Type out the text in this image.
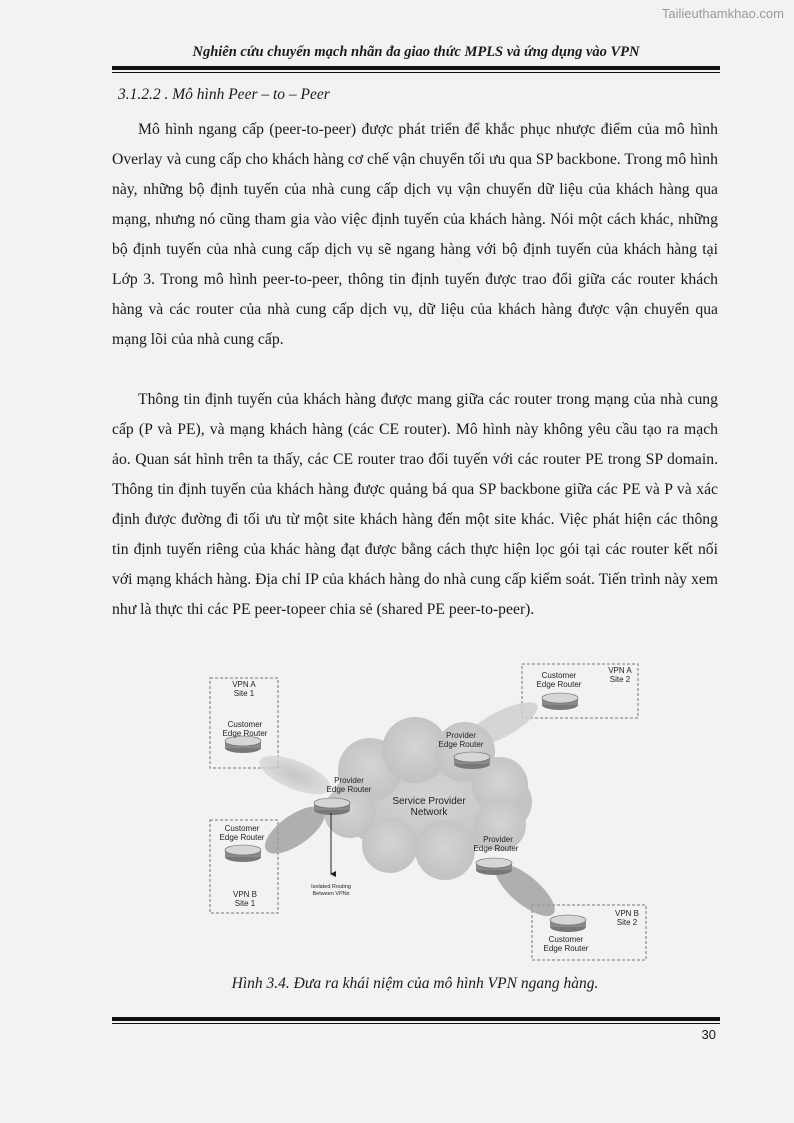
Tailieuthamkhao.com
Nghiên cứu chuyển mạch nhãn đa giao thức MPLS và ứng dụng vào VPN
3.1.2.2 . Mô hình Peer – to – Peer

Mô hình ngang cấp (peer-to-peer) được phát triển để khắc phục nhược điểm của mô hình Overlay và cung cấp cho khách hàng cơ chế vận chuyển tối ưu qua SP backbone. Trong mô hình này, những bộ định tuyến của nhà cung cấp dịch vụ vận chuyển dữ liệu của khách hàng qua mạng, nhưng nó cũng tham gia vào việc định tuyến của khách hàng. Nói một cách khác, những bộ định tuyến của nhà cung cấp dịch vụ sẽ ngang hàng với bộ định tuyến của khách hàng tại Lớp 3. Trong mô hình peer-to-peer, thông tin định tuyến được trao đổi giữa các router khách hàng và các router của nhà cung cấp dịch vụ, dữ liệu của khách hàng được vận chuyển qua mạng lõi của nhà cung cấp.

Thông tin định tuyến của khách hàng được mang giữa các router trong mạng của nhà cung cấp (P và PE), và mạng khách hàng (các CE router). Mô hình này không yêu cầu tạo ra mạch ảo. Quan sát hình trên ta thấy, các CE router trao đổi tuyến với các router PE trong SP domain. Thông tin định tuyến của khách hàng được quảng bá qua SP backbone giữa các PE và P và xác định được đường đi tối ưu từ một site khách hàng đến một site khác. Việc phát hiện các thông tin định tuyến riêng của khác hàng đạt được bằng cách thực hiện lọc gói tại các router kết nối với mạng khách hàng. Địa chỉ IP của khách hàng do nhà cung cấp kiểm soát. Tiến trình này xem như là thực thi các PE peer-topeer chia sẻ (shared PE peer-to-peer).

VPN A
Site 1
Customer
Edge Router
Customer
Edge Router
VPN B
Site 1
Customer
Edge Router
VPN A
Site 2
VPN B
Site 2
Customer
Edge Router
Provider
Edge Router
Provider
Edge Router
Provider
Edge Router
Service Provider
Network
Isolated Routing
Between VPNs
Hình 3.4. Đưa ra khái niệm của mô hình VPN ngang hàng.
30
